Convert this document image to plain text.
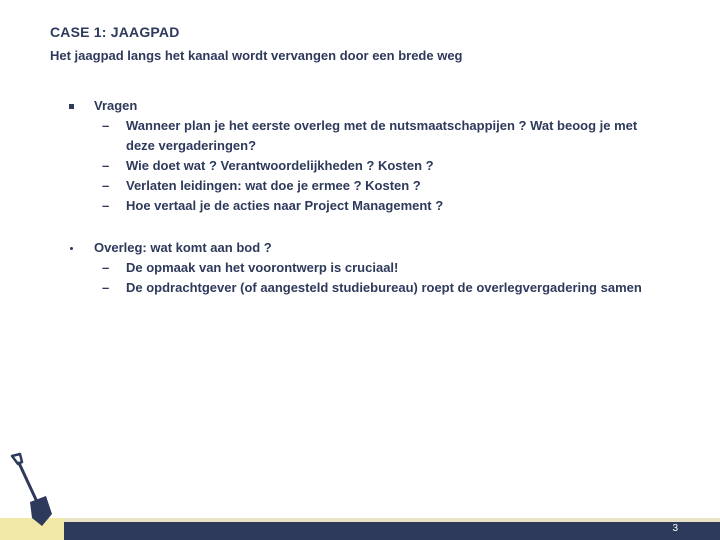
CASE 1: JAAGPAD
Het jaagpad langs het kanaal wordt vervangen door een brede weg
Vragen
– Wanneer plan je het eerste overleg met de nutsmaatschappijen ? Wat beoog je met deze vergaderingen?
– Wie doet wat ? Verantwoordelijkheden ? Kosten ?
– Verlaten leidingen: wat doe je ermee ? Kosten ?
– Hoe vertaal je de acties naar Project Management ?
Overleg: wat komt aan bod ?
– De opmaak van het voorontwerp is cruciaal!
– De opdrachtgever (of aangesteld studiebureau) roept de overlegvergadering samen
3
